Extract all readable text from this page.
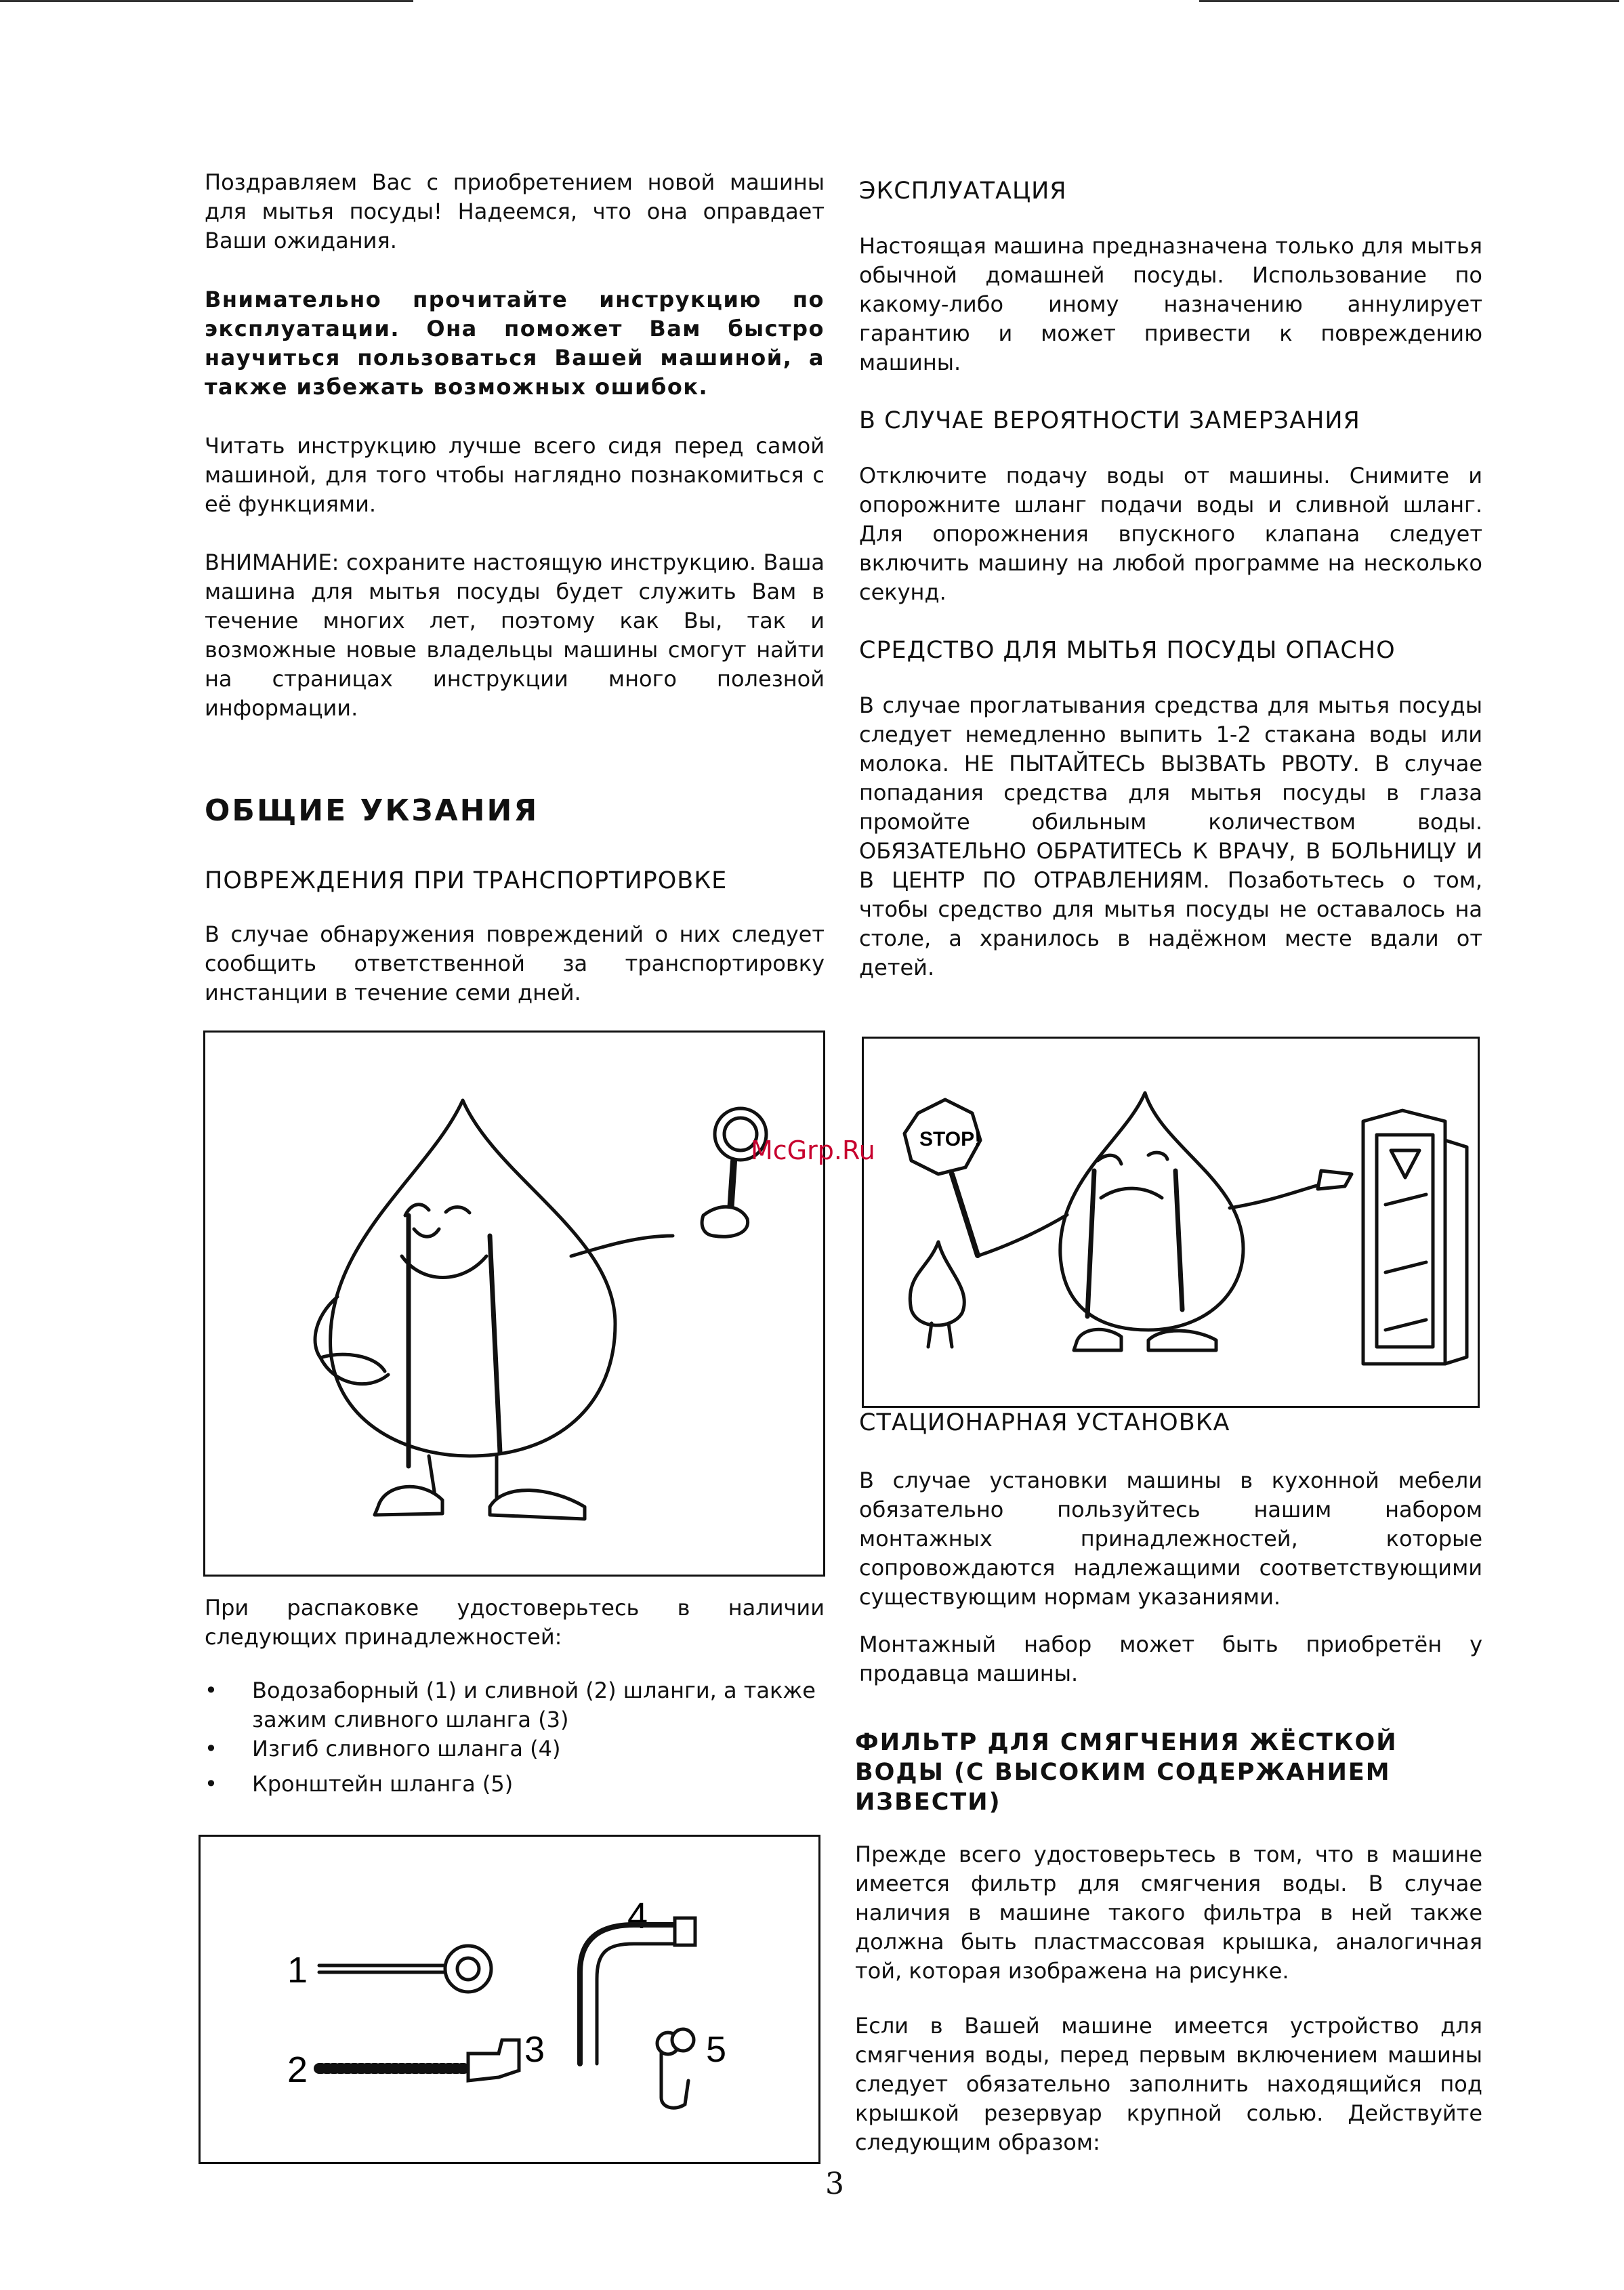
Поздравляем Вас с приобретением новой машины для мытья посуды! Надеемся, что она оправдает Ваши ожидания.

Внимательно прочитайте инструкцию по эксплуатации. Она поможет Вам быстро научиться пользоваться Вашей машиной, а также избежать возможных ошибок.

Читать инструкцию лучше всего сидя перед самой машиной, для того чтобы наглядно познакомиться с её функциями.

ВНИМАНИЕ: сохраните настоящую инструкцию. Ваша машина для мытья посуды будет служить Вам в течение многих лет, поэтому как Вы, так и возможные новые владельцы машины смогут найти на страницах инструкции много полезной информации.

ОБЩИЕ УКЗАНИЯ
ПОВРЕЖДЕНИЯ ПРИ ТРАНСПОРТИРОВКЕ

В случае обнаружения повреждений о них следует сообщить ответственной за транспортировку инстанции в течение семи дней.

При распаковке удостоверьтесь в наличии следующих принадлежностей:

• Водозаборный (1) и сливной (2) шланги, а также зажим сливного шланга (3)
• Изгиб сливного шланга (4)
• Кронштейн шланга (5)
1
2	3
4
5
ЭКСПЛУАТАЦИЯ

Настоящая машина предназначена только для мытья обычной домашней посуды. Использование по какому-либо иному назначению аннулирует гарантию и может привести к повреждению машины.

В СЛУЧАЕ ВЕРОЯТНОСТИ ЗАМЕРЗАНИЯ

Отключите подачу воды от машины. Снимите и опорожните шланг подачи воды и сливной шланг. Для опорожнения впускного клапана следует включить машину на любой программе на несколько секунд.

СРЕДСТВО ДЛЯ МЫТЬЯ ПОСУДЫ ОПАСНО

В случае проглатывания средства для мытья посуды следует немедленно выпить 1-2 стакана воды или молока. НЕ ПЫТАЙТЕСЬ ВЫЗВАТЬ РВОТУ. В случае попадания средства для мытья посуды в глаза промойте обильным количеством воды. ОБЯЗАТЕЛЬНО ОБРАТИТЕСЬ К ВРАЧУ, В БОЛЬНИЦУ И В ЦЕНТР ПО ОТРАВЛЕНИЯМ. Позаботьтесь о том, чтобы средство для мытья посуды не оставалось на столе, а хранилось в надёжном месте вдали от детей.

STOP!
СТАЦИОНАРНАЯ УСТАНОВКА

В случае установки машины в кухонной мебели обязательно пользуйтесь нашим набором монтажных принадлежностей, которые сопровождаются надлежащими соответствующими существующим нормам указаниями.

Монтажный набор может быть приобретён у продавца машины.

ФИЛЬТР ДЛЯ СМЯГЧЕНИЯ ЖЁСТКОЙ ВОДЫ (С ВЫСОКИМ СОДЕРЖАНИЕМ ИЗВЕСТИ)

Прежде всего удостоверьтесь в том, что в машине имеется фильтр для смягчения воды. В случае наличия в машине такого фильтра в ней также должна быть пластмассовая крышка, аналогичная той, которая изображена на рисунке.

Если в Вашей машине имеется устройство для смягчения воды, перед первым включением машины следует обязательно заполнить находящийся под крышкой резервуар крупной солью. Действуйте следующим образом:

McGrp.Ru
3
